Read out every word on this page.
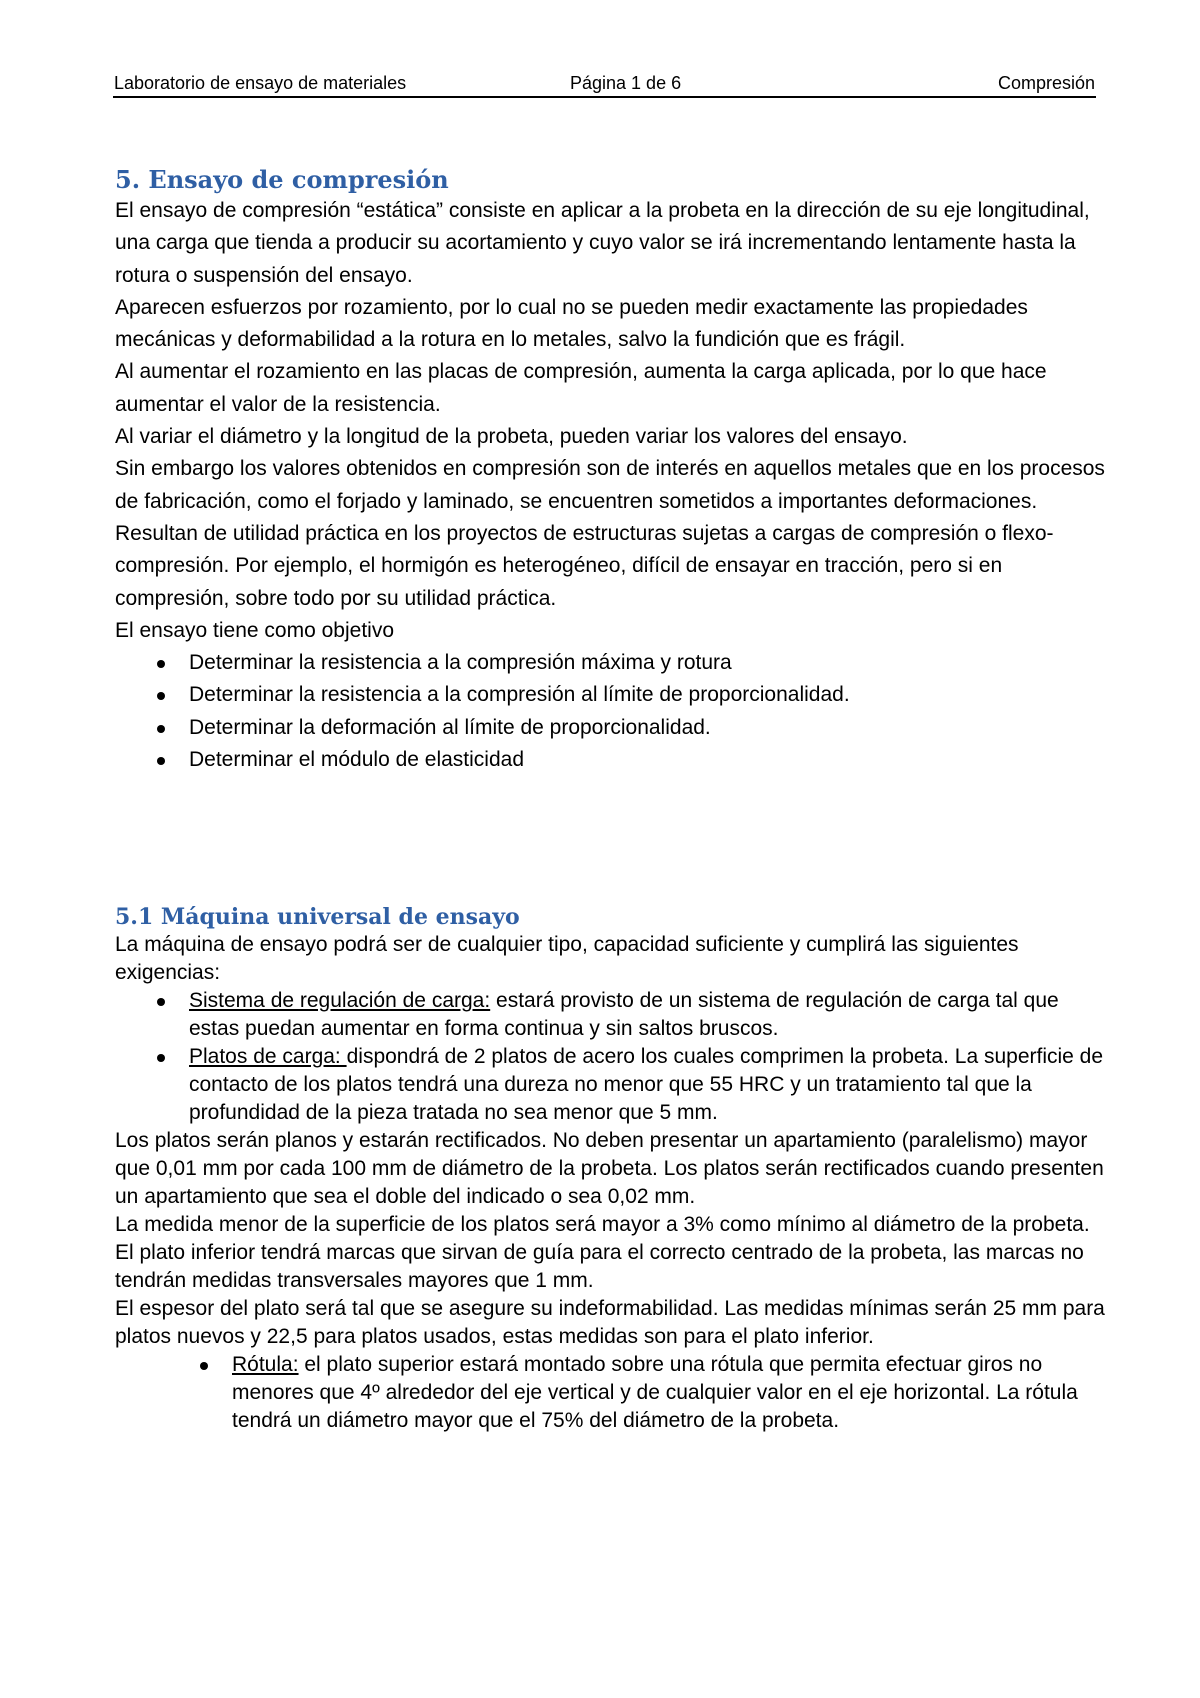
Laboratorio de ensayo de materiales	Página 1 de 6	Compresión
5. Ensayo de compresión

El ensayo de compresión “estática” consiste en aplicar a la probeta en la dirección de su eje longitudinal, una carga que tienda a producir su acortamiento y cuyo valor se irá incrementando lentamente hasta la rotura o suspensión del ensayo.

Aparecen esfuerzos por rozamiento, por lo cual no se pueden medir exactamente las propiedades mecánicas y deformabilidad a la rotura en lo metales, salvo la fundición que es frágil.

Al aumentar el rozamiento en las placas de compresión, aumenta la carga aplicada, por lo que hace aumentar el valor de la resistencia.

Al variar el diámetro y la longitud de la probeta, pueden variar los valores del ensayo.

Sin embargo los valores obtenidos en compresión son de interés en aquellos metales que en los procesos de fabricación, como el forjado y laminado, se encuentren sometidos a importantes deformaciones.

Resultan de utilidad práctica en los proyectos de estructuras sujetas a cargas de compresión o flexo-compresión. Por ejemplo, el hormigón es heterogéneo, difícil de ensayar en tracción, pero si en compresión, sobre todo por su utilidad práctica.

El ensayo tiene como objetivo

Determinar la resistencia a la compresión máxima y rotura
Determinar la resistencia a la compresión al límite de proporcionalidad.
Determinar la deformación al límite de proporcionalidad.
Determinar el módulo de elasticidad
5.1 Máquina universal de ensayo

La máquina de ensayo podrá ser de cualquier tipo, capacidad suficiente y cumplirá las siguientes exigencias:

Sistema de regulación de carga: estará provisto de un sistema de regulación de carga tal que estas puedan aumentar en forma continua y sin saltos bruscos.
Platos de carga: dispondrá de 2 platos de acero los cuales comprimen la probeta. La superficie de contacto de los platos tendrá una dureza no menor que 55 HRC y un tratamiento tal que la profundidad de la pieza tratada no sea menor que 5 mm.

Los platos serán planos y estarán rectificados. No deben presentar un apartamiento (paralelismo) mayor que 0,01 mm por cada 100 mm de diámetro de la probeta. Los platos serán rectificados cuando presenten un apartamiento que sea el doble del indicado o sea 0,02 mm.

La medida menor de la superficie de los platos será mayor a 3% como mínimo al diámetro de la probeta. El plato inferior tendrá marcas que sirvan de guía para el correcto centrado de la probeta, las marcas no tendrán medidas transversales mayores que 1 mm.

El espesor del plato será tal que se asegure su indeformabilidad. Las medidas mínimas serán 25 mm para platos nuevos y 22,5 para platos usados, estas medidas son para el plato inferior.

Rótula: el plato superior estará montado sobre una rótula que permita efectuar giros no menores que 4º alrededor del eje vertical y de cualquier valor en el eje horizontal. La rótula tendrá un diámetro mayor que el 75% del diámetro de la probeta.
